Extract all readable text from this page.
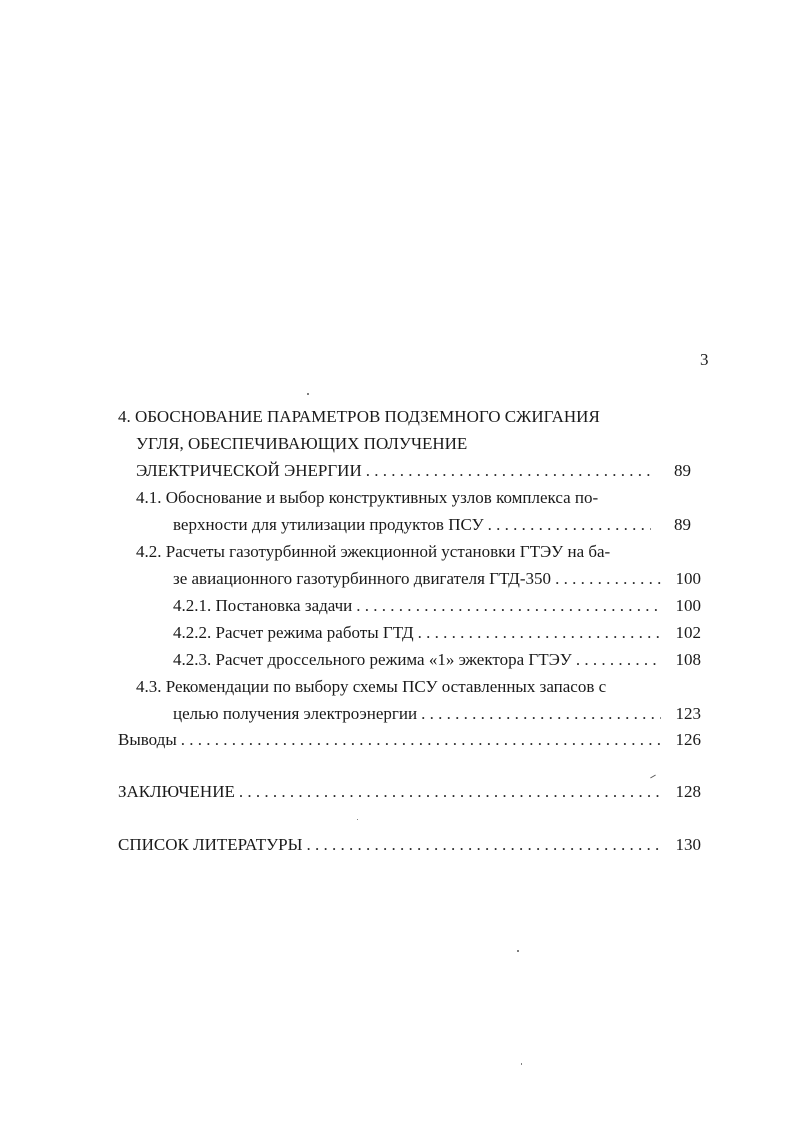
3
4. ОБОСНОВАНИЕ ПАРАМЕТРОВ ПОДЗЕМНОГО СЖИГАНИЯ
УГЛЯ, ОБЕСПЕЧИВАЮЩИХ ПОЛУЧЕНИЕ
ЭЛЕКТРИЧЕСКОЙ ЭНЕРГИИ . . .	89
4.1. Обоснование и выбор конструктивных узлов комплекса по-
верхности для утилизации продуктов ПСУ . . .	89
4.2. Расчеты газотурбинной эжекционной установки ГТЭУ на ба-
зе авиационного газотурбинного двигателя ГТД-350 . . .	100
4.2.1. Постановка задачи . . .	100
4.2.2. Расчет режима работы ГТД . . .	102
4.2.3. Расчет дроссельного режима «1» эжектора ГТЭУ . . .	108
4.3. Рекомендации по выбору схемы ПСУ оставленных запасов с
целью получения электроэнергии . . .	123
Выводы . . .	126
ЗАКЛЮЧЕНИЕ . . .	128
СПИСОК ЛИТЕРАТУРЫ . . .	130
